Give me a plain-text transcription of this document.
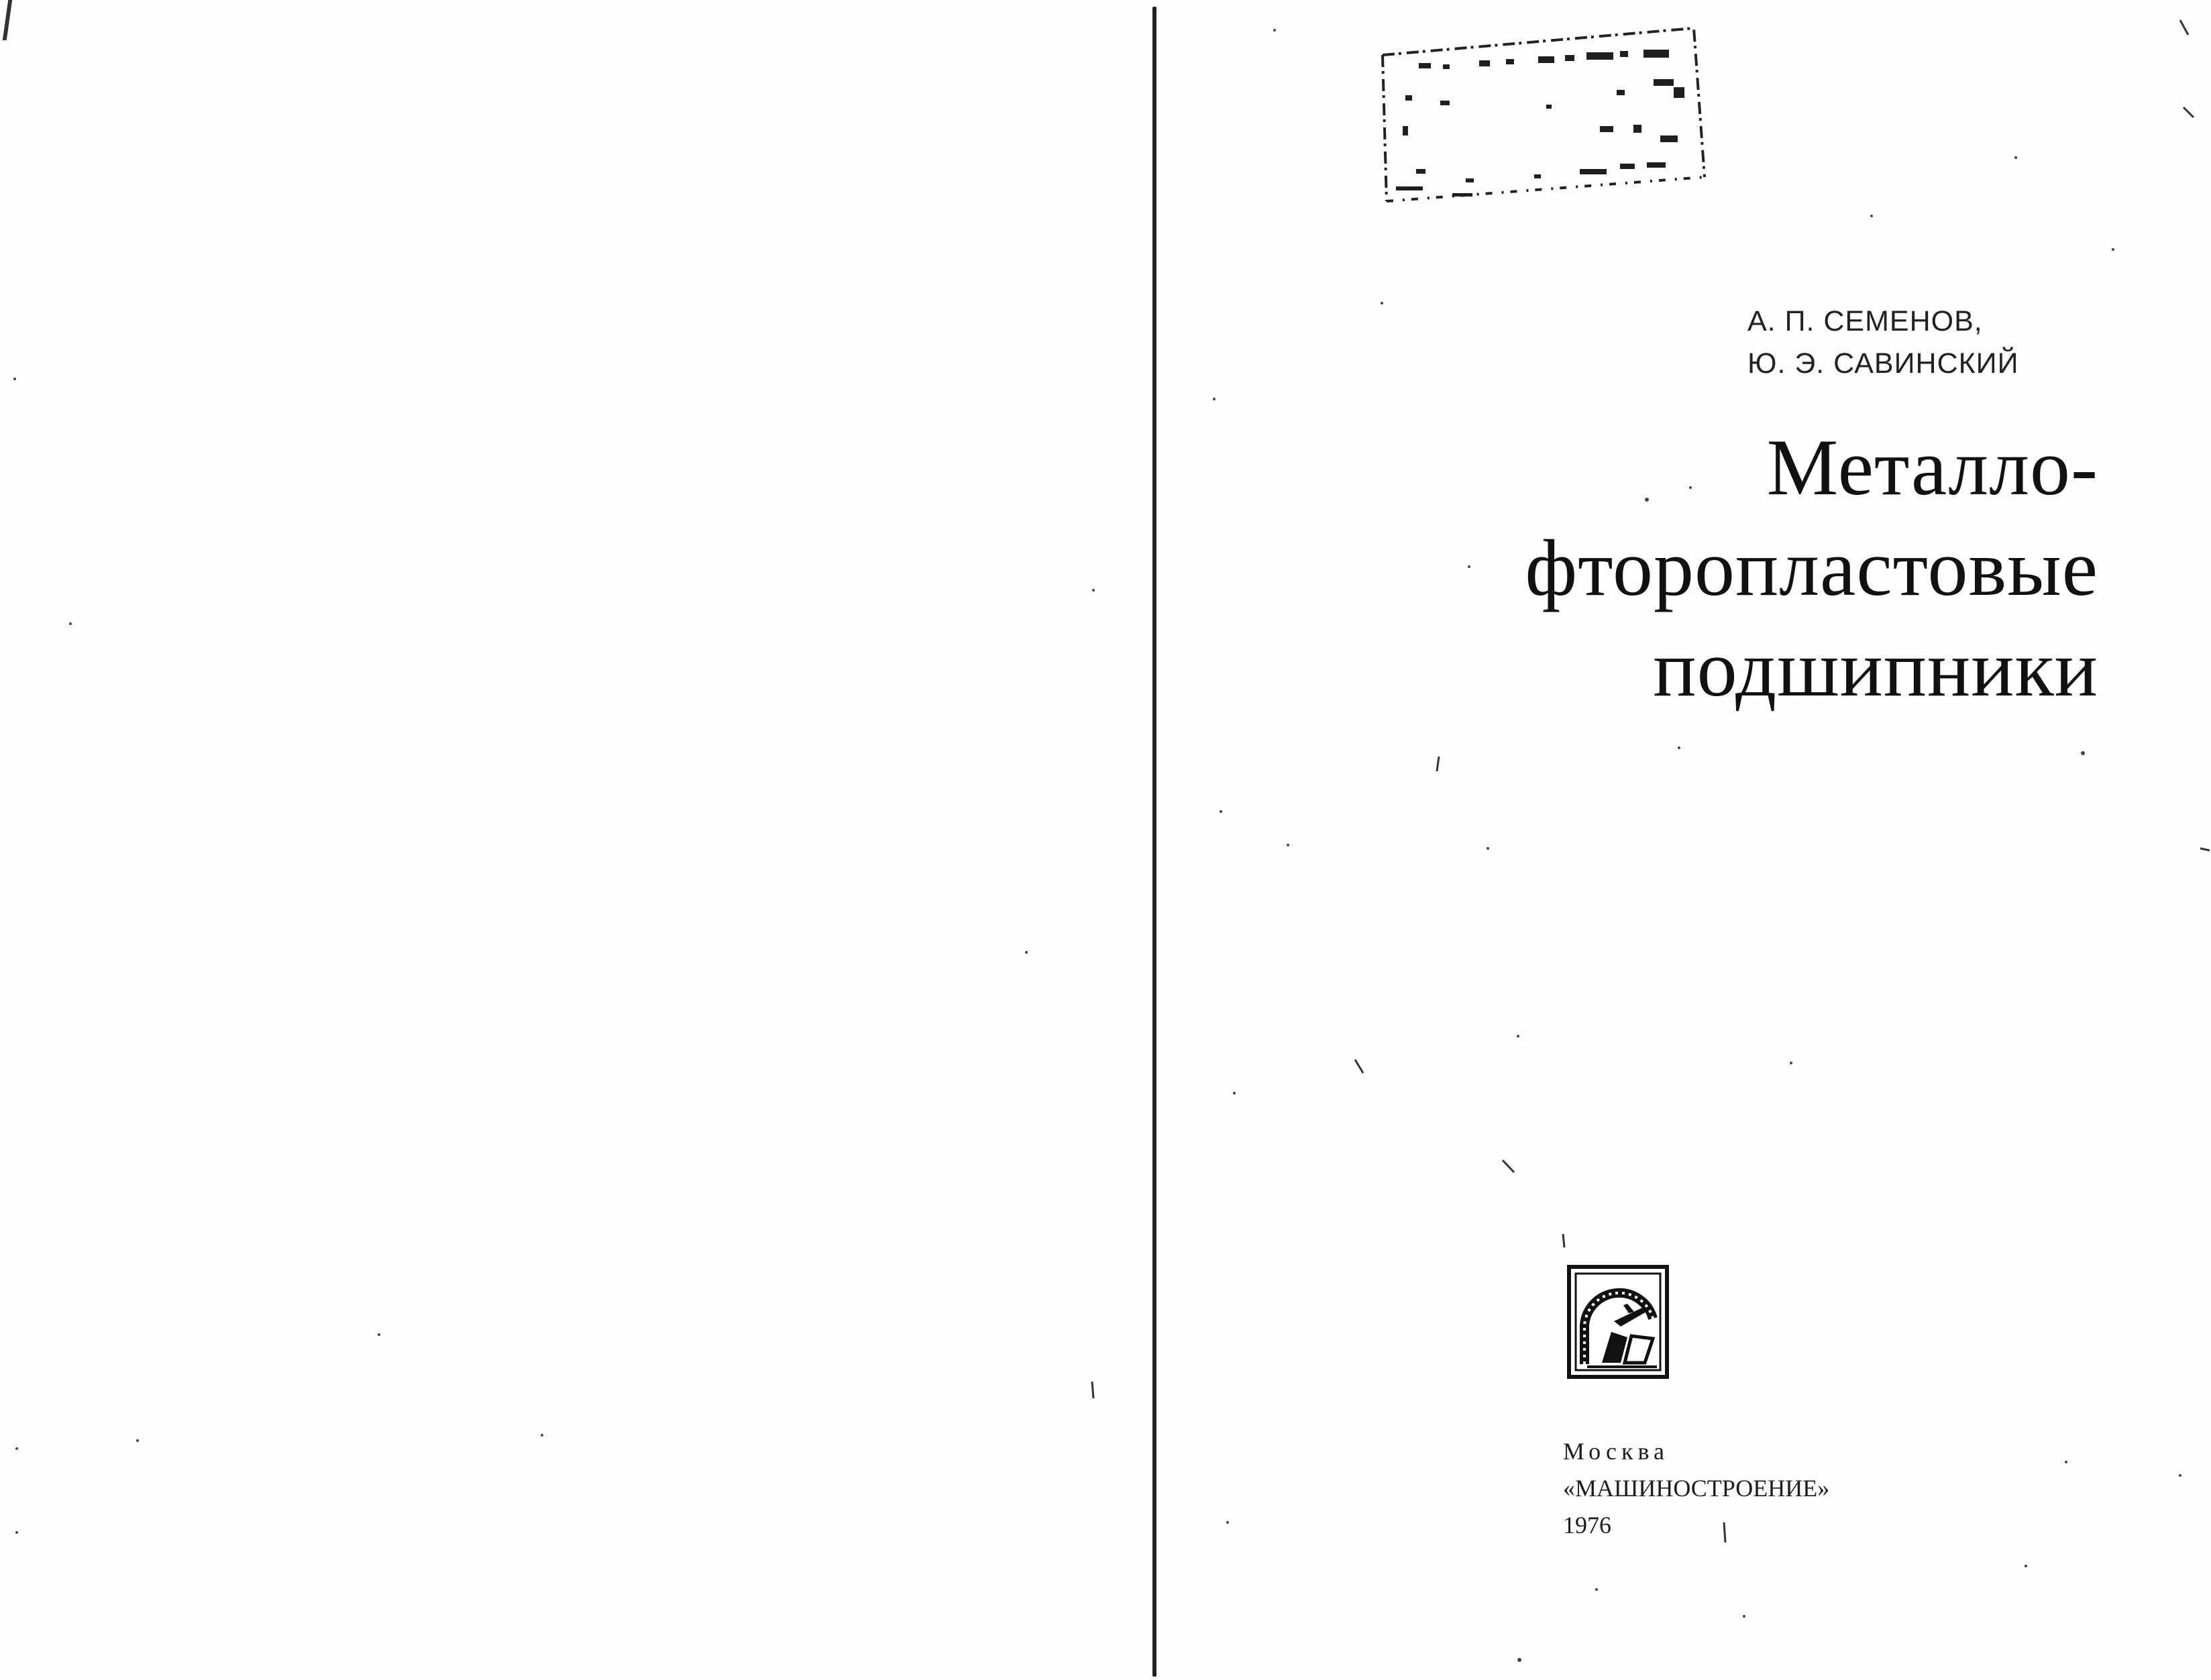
А. П. СЕМЕНОВ,
Ю. Э. САВИНСКИЙ
Металло-
фторопластовые
подшипники
Москва
«МАШИНОСТРОЕНИЕ»
1976
